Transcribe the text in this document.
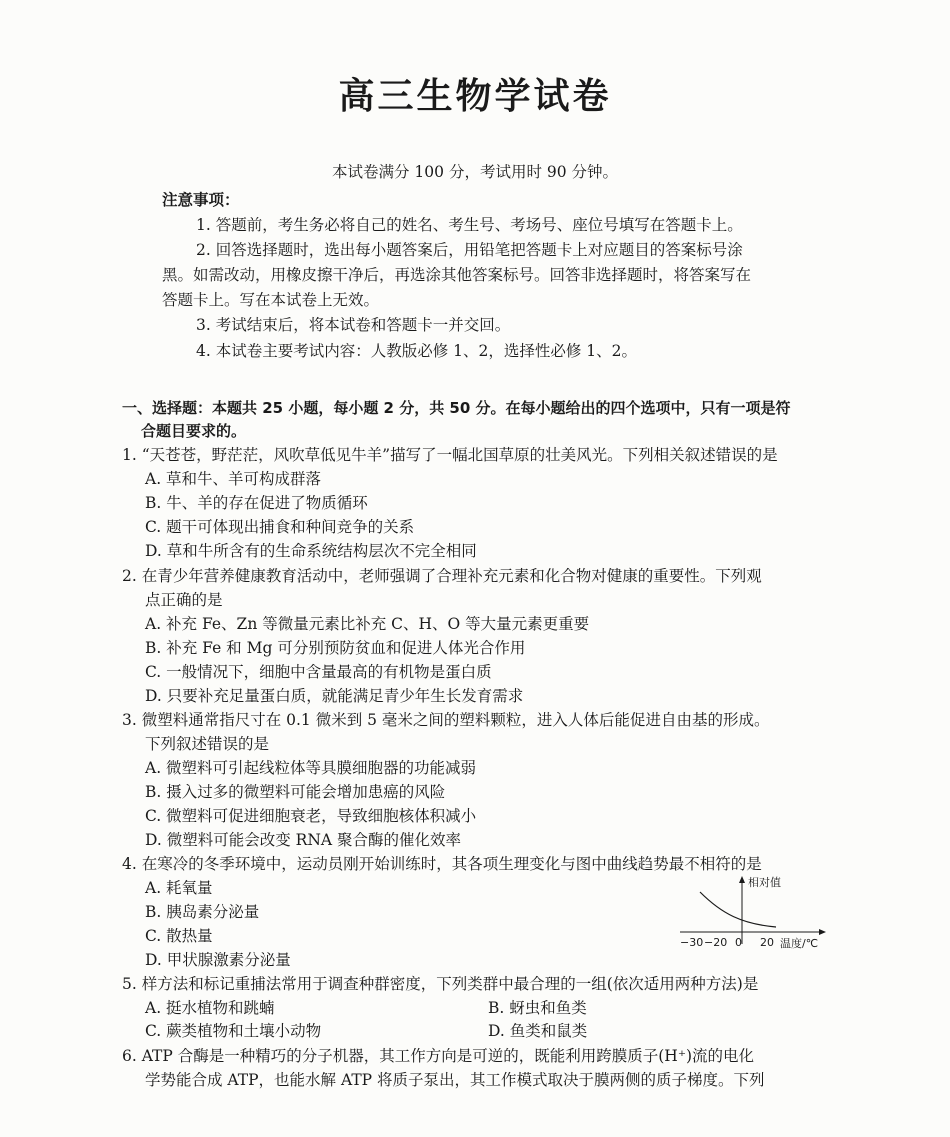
高三生物学试卷
本试卷满分 100 分，考试用时 90 分钟。
注意事项：
1. 答题前，考生务必将自己的姓名、考生号、考场号、座位号填写在答题卡上。
2. 回答选择题时，选出每小题答案后，用铅笔把答题卡上对应题目的答案标号涂
黑。如需改动，用橡皮擦干净后，再选涂其他答案标号。回答非选择题时，将答案写在
答题卡上。写在本试卷上无效。
3. 考试结束后，将本试卷和答题卡一并交回。
4. 本试卷主要考试内容：人教版必修 1、2，选择性必修 1、2。
一、选择题：本题共 25 小题，每小题 2 分，共 50 分。在每小题给出的四个选项中，只有一项是符
合题目要求的。
1. “天苍苍，野茫茫，风吹草低见牛羊”描写了一幅北国草原的壮美风光。下列相关叙述错误的是
A. 草和牛、羊可构成群落
B. 牛、羊的存在促进了物质循环
C. 题干可体现出捕食和种间竞争的关系
D. 草和牛所含有的生命系统结构层次不完全相同
2. 在青少年营养健康教育活动中，老师强调了合理补充元素和化合物对健康的重要性。下列观
点正确的是
A. 补充 Fe、Zn 等微量元素比补充 C、H、O 等大量元素更重要
B. 补充 Fe 和 Mg 可分别预防贫血和促进人体光合作用
C. 一般情况下，细胞中含量最高的有机物是蛋白质
D. 只要补充足量蛋白质，就能满足青少年生长发育需求
3. 微塑料通常指尺寸在 0.1 微米到 5 毫米之间的塑料颗粒，进入人体后能促进自由基的形成。
下列叙述错误的是
A. 微塑料可引起线粒体等具膜细胞器的功能减弱
B. 摄入过多的微塑料可能会增加患癌的风险
C. 微塑料可促进细胞衰老，导致细胞核体积减小
D. 微塑料可能会改变 RNA 聚合酶的催化效率
4. 在寒冷的冬季环境中，运动员刚开始训练时，其各项生理变化与图中曲线趋势最不相符的是
A. 耗氧量
B. 胰岛素分泌量
C. 散热量
D. 甲状腺激素分泌量
相对值
−30 −20 0 20 温度/℃
5. 样方法和标记重捕法常用于调查种群密度，下列类群中最合理的一组(依次适用两种方法)是
A. 挺水植物和跳蝻	B. 蚜虫和鱼类
C. 蕨类植物和土壤小动物	D. 鱼类和鼠类
6. ATP 合酶是一种精巧的分子机器，其工作方向是可逆的，既能利用跨膜质子(H⁺)流的电化
学势能合成 ATP，也能水解 ATP 将质子泵出，其工作模式取决于膜两侧的质子梯度。下列
